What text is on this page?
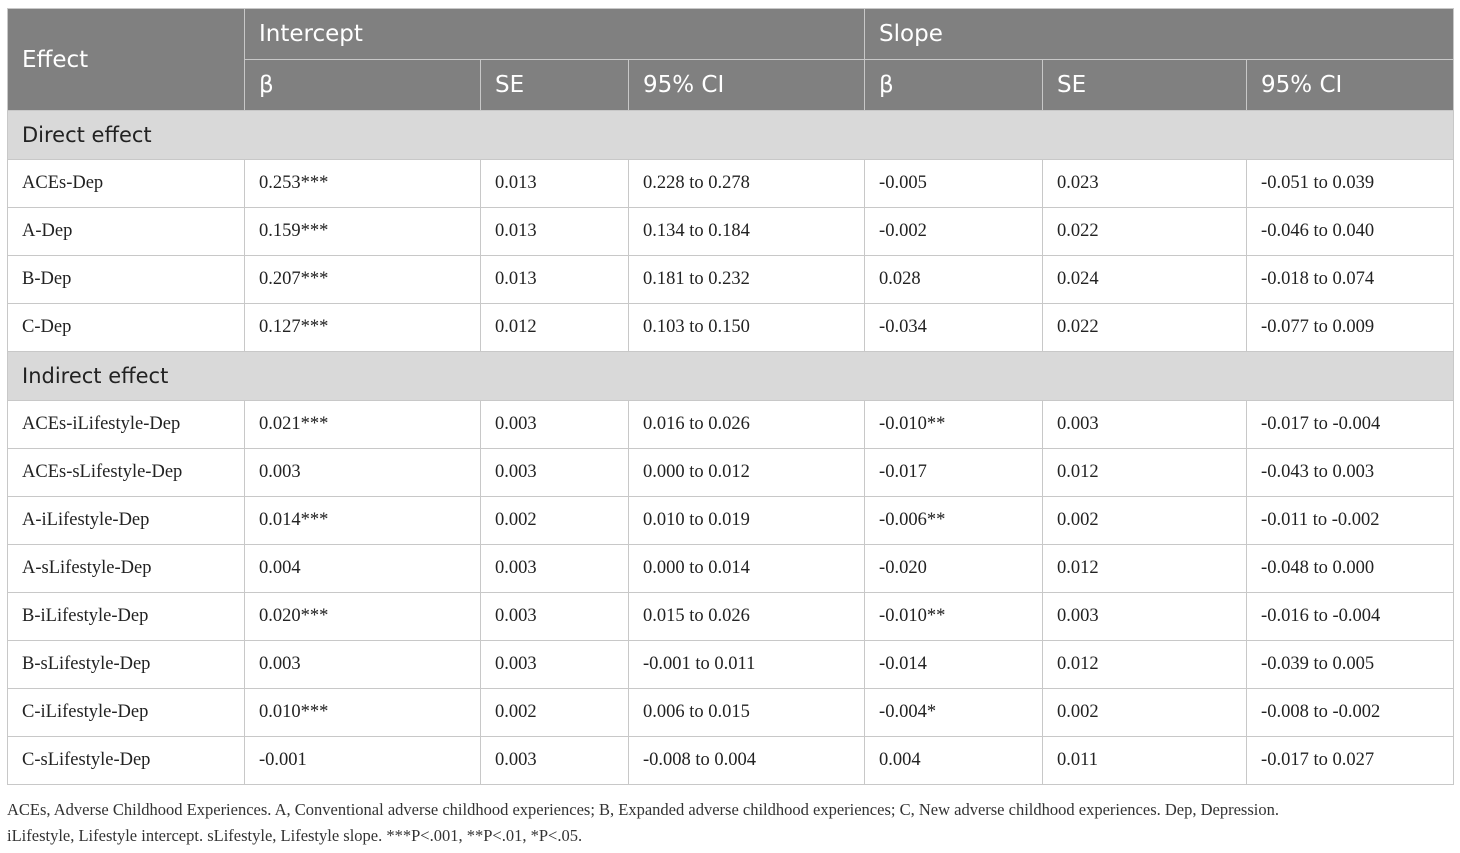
Effect	Intercept			Slope		
	β	SE	95% CI	β	SE	95% CI
Direct effect						
ACEs-Dep	0.253***	0.013	0.228 to 0.278	-0.005	0.023	-0.051 to 0.039
A-Dep	0.159***	0.013	0.134 to 0.184	-0.002	0.022	-0.046 to 0.040
B-Dep	0.207***	0.013	0.181 to 0.232	0.028	0.024	-0.018 to 0.074
C-Dep	0.127***	0.012	0.103 to 0.150	-0.034	0.022	-0.077 to 0.009
Indirect effect						
ACEs-iLifestyle-Dep	0.021***	0.003	0.016 to 0.026	-0.010**	0.003	-0.017 to -0.004
ACEs-sLifestyle-Dep	0.003	0.003	0.000 to 0.012	-0.017	0.012	-0.043 to 0.003
A-iLifestyle-Dep	0.014***	0.002	0.010 to 0.019	-0.006**	0.002	-0.011 to -0.002
A-sLifestyle-Dep	0.004	0.003	0.000 to 0.014	-0.020	0.012	-0.048 to 0.000
B-iLifestyle-Dep	0.020***	0.003	0.015 to 0.026	-0.010**	0.003	-0.016 to -0.004
B-sLifestyle-Dep	0.003	0.003	-0.001 to 0.011	-0.014	0.012	-0.039 to 0.005
C-iLifestyle-Dep	0.010***	0.002	0.006 to 0.015	-0.004*	0.002	-0.008 to -0.002
C-sLifestyle-Dep	-0.001	0.003	-0.008 to 0.004	0.004	0.011	-0.017 to 0.027

ACEs, Adverse Childhood Experiences. A, Conventional adverse childhood experiences; B, Expanded adverse childhood experiences; C, New adverse childhood experiences. Dep, Depression.

iLifestyle, Lifestyle intercept. sLifestyle, Lifestyle slope. ***P<.001, **P<.01, *P<.05.
